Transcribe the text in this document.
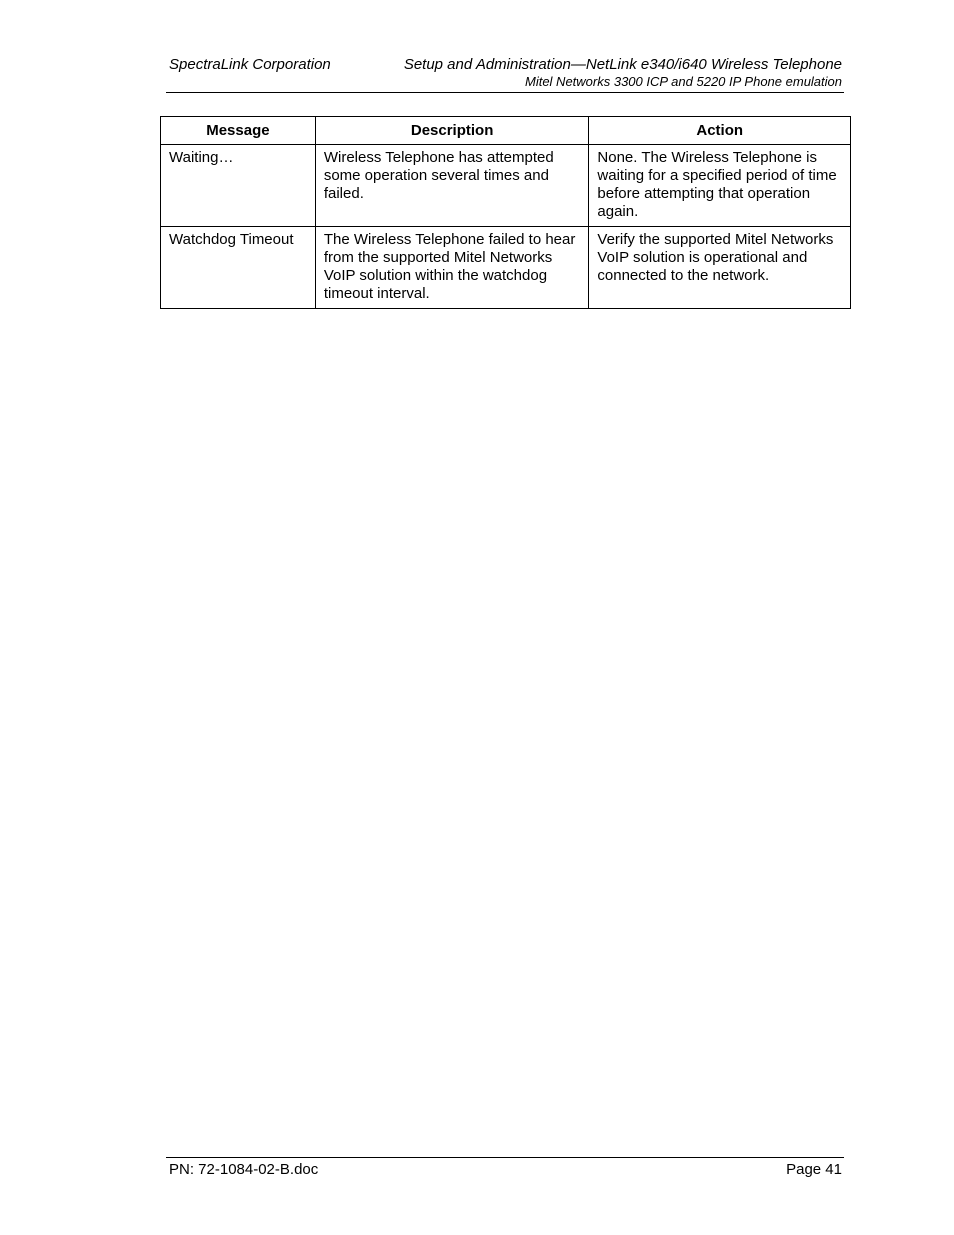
SpectraLink Corporation	Setup and Administration—NetLink e340/i640 Wireless Telephone
Mitel Networks 3300 ICP and 5220 IP Phone emulation
Message	Description	Action
Waiting…	Wireless Telephone has attempted some operation several times and failed.	None. The Wireless Telephone is waiting for a specified period of time before attempting that operation again.
Watchdog Timeout	The Wireless Telephone failed to hear from the supported Mitel Networks VoIP solution within the watchdog timeout interval.	Verify the supported Mitel Networks VoIP solution is operational and connected to the network.
PN: 72-1084-02-B.doc	Page 41
